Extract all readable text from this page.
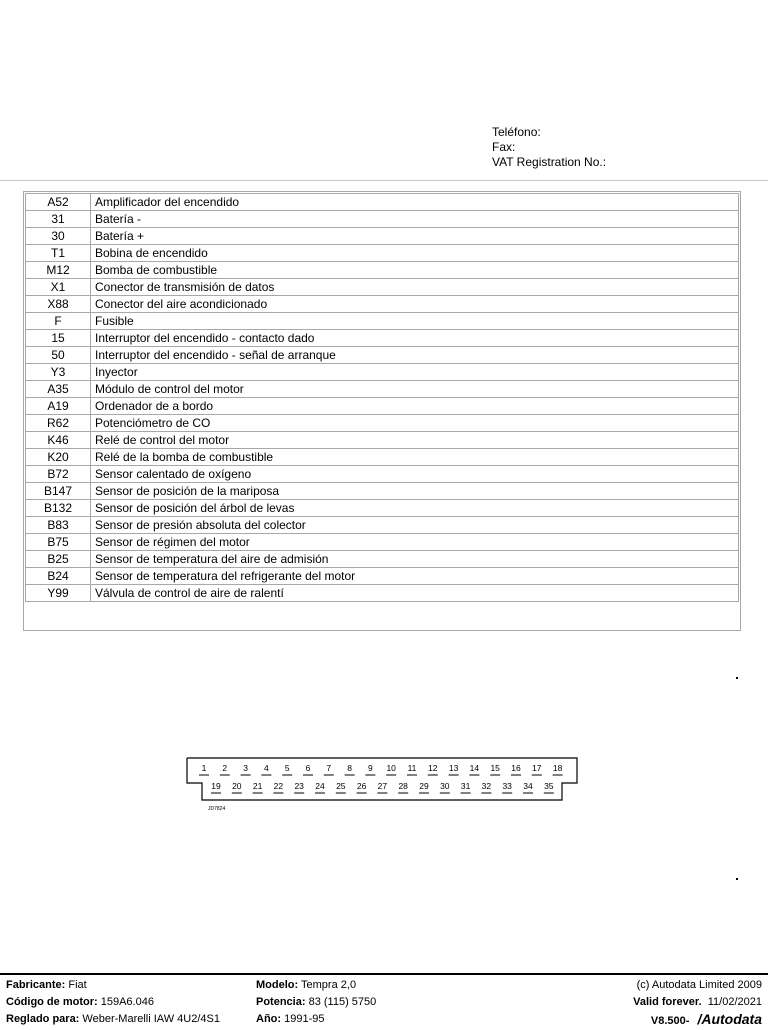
Teléfono:
Fax:
VAT Registration No.:
A52	Amplificador del encendido
31	Batería -
30	Batería +
T1	Bobina de encendido
M12	Bomba de combustible
X1	Conector de transmisión de datos
X88	Conector del aire acondicionado
F	Fusible
15	Interruptor del encendido - contacto dado
50	Interruptor del encendido - señal de arranque
Y3	Inyector
A35	Módulo de control del motor
A19	Ordenador de a bordo
R62	Potenciómetro de CO
K46	Relé de control del motor
K20	Relé de la bomba de combustible
B72	Sensor calentado de oxígeno
B147	Sensor de posición de la mariposa
B132	Sensor de posición del árbol de levas
B83	Sensor de presión absoluta del colector
B75	Sensor de régimen del motor
B25	Sensor de temperatura del aire de admisión
B24	Sensor de temperatura del refrigerante del motor
Y99	Válvula de control de aire de ralentí
1 2 3 4 5 6 7 8 9 10 11 12 13 14 15 16 17 18
19 20 21 22 23 24 25 26 27 28 29 30 31 32 33 34 35
JD7824
Fabricante: Fiat
Código de motor: 159A6.046
Reglado para: Weber-Marelli IAW 4U2/4S1
Modelo: Tempra 2,0
Potencia: 83 (115) 5750
Año: 1991-95
(c) Autodata Limited 2009
Valid forever. 11/02/2021
V8.500- /Autodata
